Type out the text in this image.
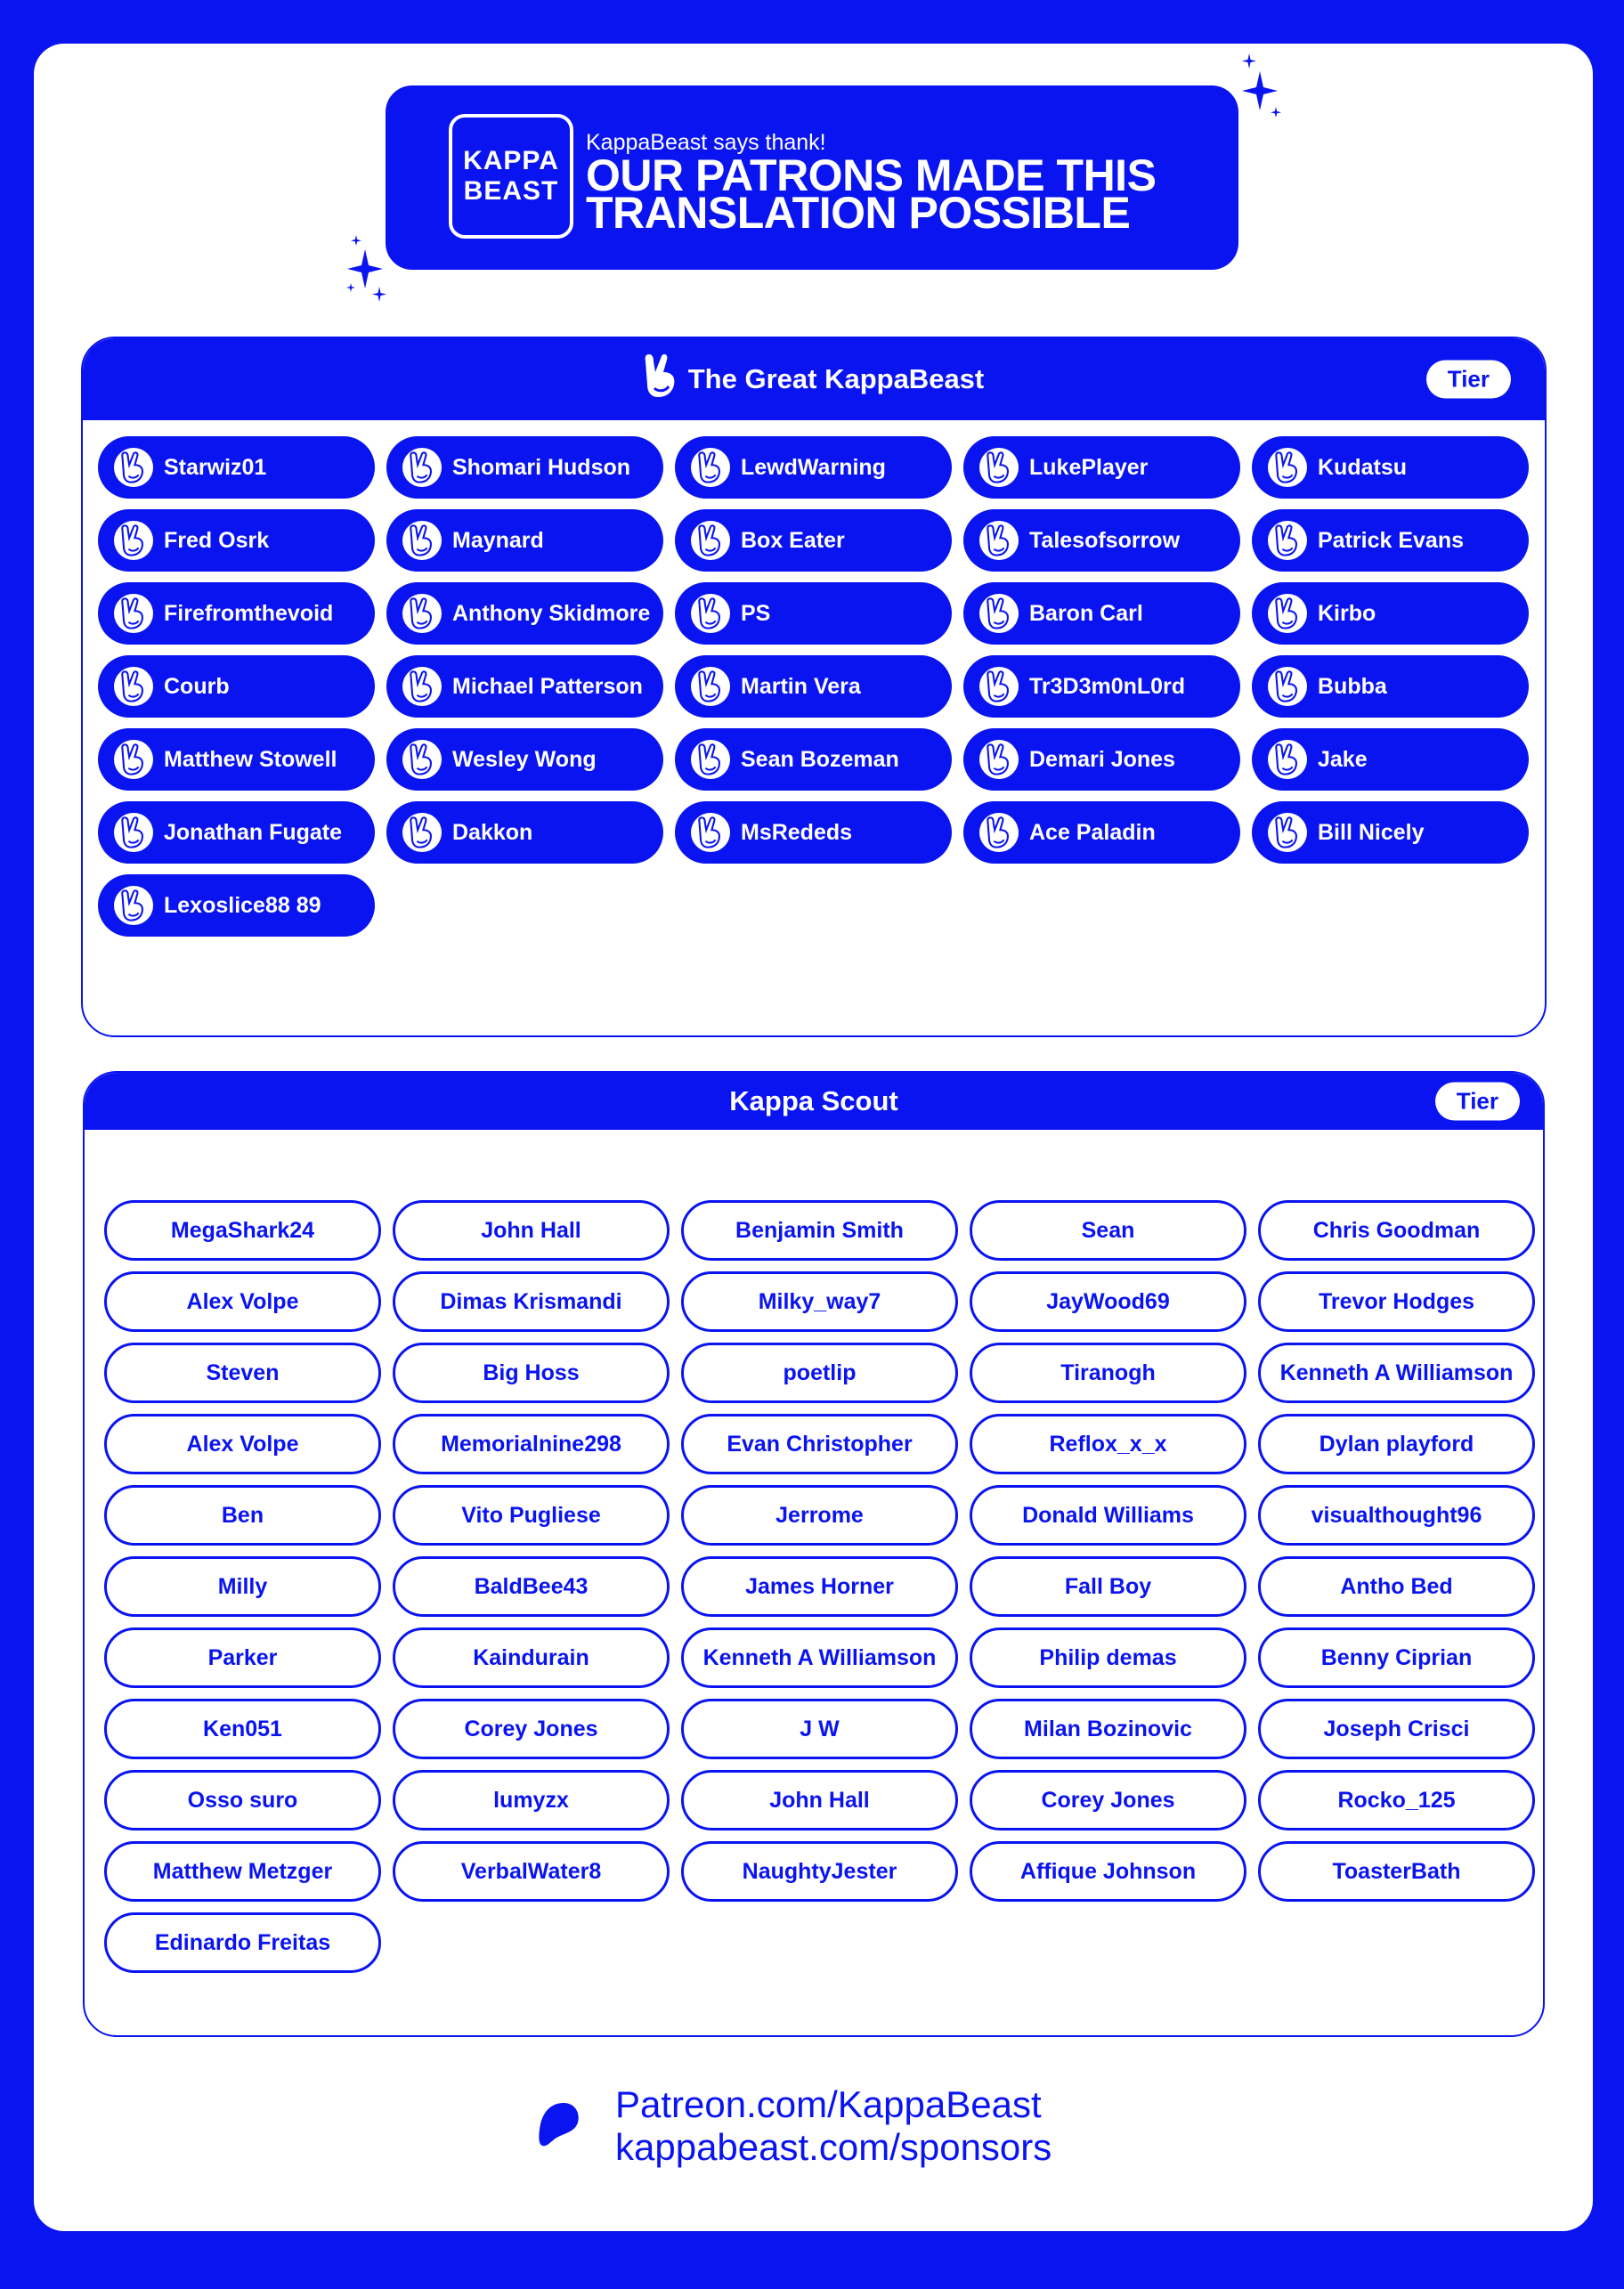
KAPPA
BEAST
KappaBeast says thank!
OUR PATRONS MADE THIS
TRANSLATION POSSIBLE
The Great KappaBeast	Tier
Starwiz01	Shomari Hudson	LewdWarning	LukePlayer	Kudatsu
Fred Osrk	Maynard	Box Eater	Talesofsorrow	Patrick Evans
Firefromthevoid	Anthony Skidmore	PS	Baron Carl	Kirbo
Courb	Michael Patterson	Martin Vera	Tr3D3m0nL0rd	Bubba
Matthew Stowell	Wesley Wong	Sean Bozeman	Demari Jones	Jake
Jonathan Fugate	Dakkon	MsRededs	Ace Paladin	Bill Nicely
Lexoslice88 89
Kappa Scout	Tier
MegaShark24	John Hall	Benjamin Smith	Sean	Chris Goodman
Alex Volpe	Dimas Krismandi	Milky_way7	JayWood69	Trevor Hodges
Steven	Big Hoss	poetlip	Tiranogh	Kenneth A Williamson
Alex Volpe	Memorialnine298	Evan Christopher	Reflox_x_x	Dylan playford
Ben	Vito Pugliese	Jerrome	Donald Williams	visualthought96
Milly	BaldBee43	James Horner	Fall Boy	Antho Bed
Parker	Kaindurain	Kenneth A Williamson	Philip demas	Benny Ciprian
Ken051	Corey Jones	J W	Milan Bozinovic	Joseph Crisci
Osso suro	lumyzx	John Hall	Corey Jones	Rocko_125
Matthew Metzger	VerbalWater8	NaughtyJester	Affique Johnson	ToasterBath
Edinardo Freitas
Patreon.com/KappaBeast
kappabeast.com/sponsors
